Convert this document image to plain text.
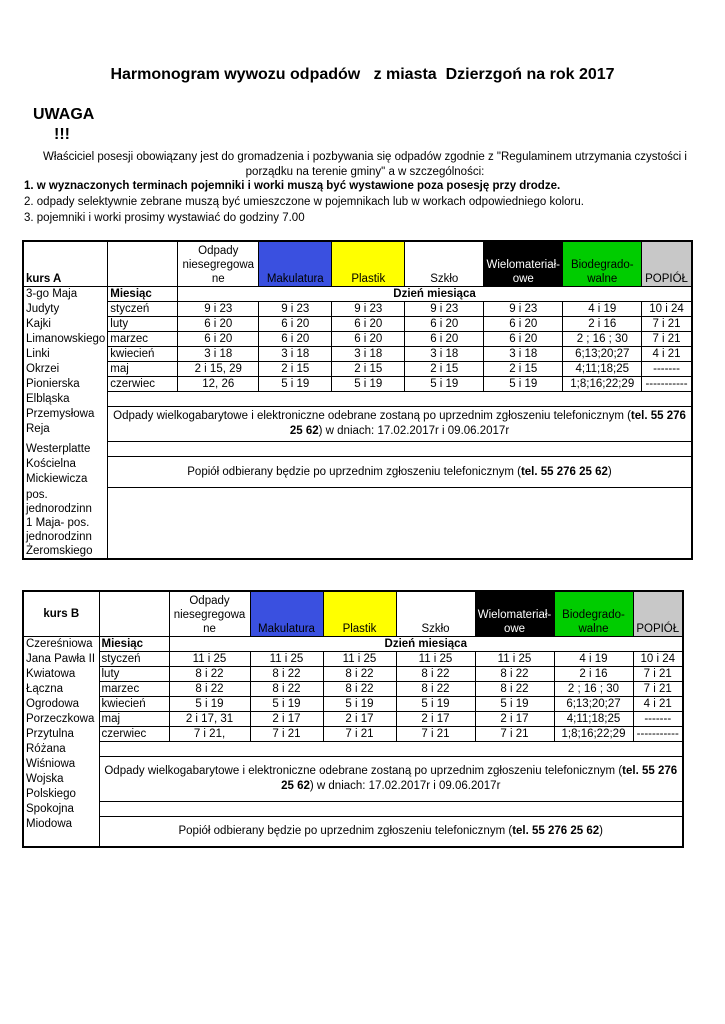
Harmonogram wywozu odpadów   z miasta  Dzierzgoń na rok 2017
UWAGA
!!!
Właściciel posesji obowiązany jest do gromadzenia i pozbywania się odpadów zgodnie z "Regulaminem utrzymania czystości i porządku na terenie gminy" a w szczególności:
1. w wyznaczonych terminach pojemniki i worki muszą być wystawione poza posesję przy drodze.
2. odpady selektywnie zebrane muszą być umieszczone w pojemnikach lub w workach odpowiedniego koloru.
3. pojemniki i worki prosimy wystawiać do godziny 7.00
kurs A		Odpady niesegregowa ne	Makulatura	Plastik	Szkło	Wielomateriał-owe	Biodegrado-walne	POPIÓŁ
3-go Maja	Miesiąc	Dzień miesiąca						
Judyty	styczeń	9 i 23	9 i 23	9 i 23	9 i 23	9 i 23	4 i 19	10 i 24
Kajki	luty	6 i 20	6 i 20	6 i 20	6 i 20	6 i 20	2 i 16	7 i 21
Limanowskiego	marzec	6 i 20	6 i 20	6 i 20	6 i 20	6 i 20	2 ; 16 ; 30	7 i 21
Linki	kwiecień	3 i 18	3 i 18	3 i 18	3 i 18	3 i 18	6;13;20;27	4 i 21
Okrzei	maj	2 i 15, 29	2 i 15	2 i 15	2 i 15	2 i 15	4;11;18;25	-------
Pionierska	czerwiec	12, 26	5 i 19	5 i 19	5 i 19	5 i 19	1;8;16;22;29	-----------
Elbląska								

Przemysłowa
Reja	Odpady wielkogabarytowe i elektroniczne odebrane zostaną po uprzednim zgłoszeniu telefonicznym (tel. 55 276 25 62) w dniach: 17.02.2017r i 09.06.2017r							
Westerplatte								

Kościelna
Mickiewicza	Popiół odbierany będzie po uprzednim zgłoszeniu telefonicznym (tel. 55 276 25 62)							

pos.
jednorodzinn
1 Maja- pos.
jednorodzinn
Żeromskiego								

kurs B		Odpady niesegregowa ne	Makulatura	Plastik	Szkło	Wielomateriał-owe	Biodegrado-walne	POPIÓŁ
Czereśniowa	Miesiąc	Dzień miesiąca						
Jana Pawła II	styczeń	11 i 25	11 i 25	11 i 25	11 i 25	11 i 25	4 i 19	10 i 24
Kwiatowa	luty	8 i 22	8 i 22	8 i 22	8 i 22	8 i 22	2 i 16	7 i 21
Łączna	marzec	8 i 22	8 i 22	8 i 22	8 i 22	8 i 22	2 ; 16 ; 30	7 i 21
Ogrodowa	kwiecień	5 i 19	5 i 19	5 i 19	5 i 19	5 i 19	6;13;20;27	4 i 21
Porzeczkowa	maj	2 i 17, 31	2 i 17	2 i 17	2 i 17	2 i 17	4;11;18;25	-------
Przytulna	czerwiec	7 i 21,	7 i 21	7 i 21	7 i 21	7 i 21	1;8;16;22;29	-----------
Różana								

Wiśniowa
Wojska
Polskiego	Odpady wielkogabarytowe i elektroniczne odebrane zostaną po uprzednim zgłoszeniu telefonicznym (tel. 55 276 25 62) w dniach: 17.02.2017r i 09.06.2017r							
Spokojna								

Miodowa	Popiół odbierany będzie po uprzednim zgłoszeniu telefonicznym (tel. 55 276 25 62)							
